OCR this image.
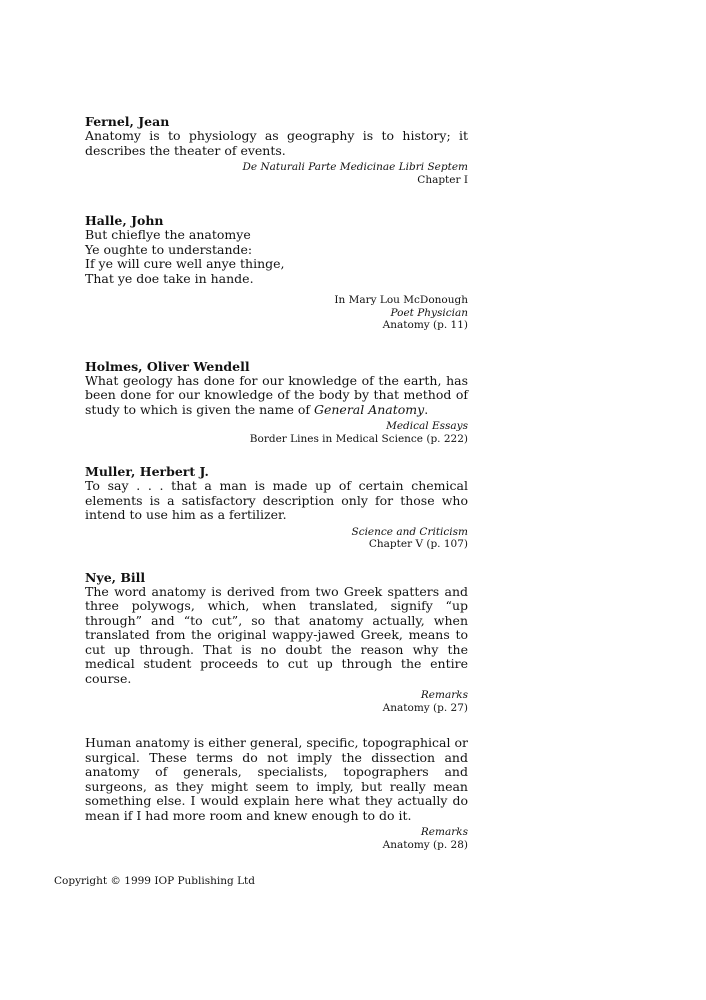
Fernel, Jean

Anatomy is to physiology as geography is to history; it describes the theater of events.

De Naturali Parte Medicinae Libri Septem
Chapter I
Halle, John
But chieflye the anatomye
Ye oughte to understande:
If ye will cure well anye thinge,
That ye doe take in hande.
In Mary Lou McDonough
Poet Physician
Anatomy (p. 11)
Holmes, Oliver Wendell

What geology has done for our knowledge of the earth, has been done for our knowledge of the body by that method of study to which is given the name of General Anatomy.

Medical Essays
Border Lines in Medical Science (p. 222)
Muller, Herbert J.

To say . . . that a man is made up of certain chemical elements is a satisfactory description only for those who intend to use him as a fertilizer.

Science and Criticism
Chapter V (p. 107)
Nye, Bill

The word anatomy is derived from two Greek spatters and three polywogs, which, when translated, signify “up through” and “to cut”, so that anatomy actually, when translated from the original wappy-jawed Greek, means to cut up through. That is no doubt the reason why the medical student proceeds to cut up through the entire course.

Remarks
Anatomy (p. 27)

Human anatomy is either general, specific, topographical or surgical. These terms do not imply the dissection and anatomy of generals, specialists, topographers and surgeons, as they might seem to imply, but really mean something else. I would explain here what they actually do mean if I had more room and knew enough to do it.

Remarks
Anatomy (p. 28)
Copyright © 1999 IOP Publishing Ltd
